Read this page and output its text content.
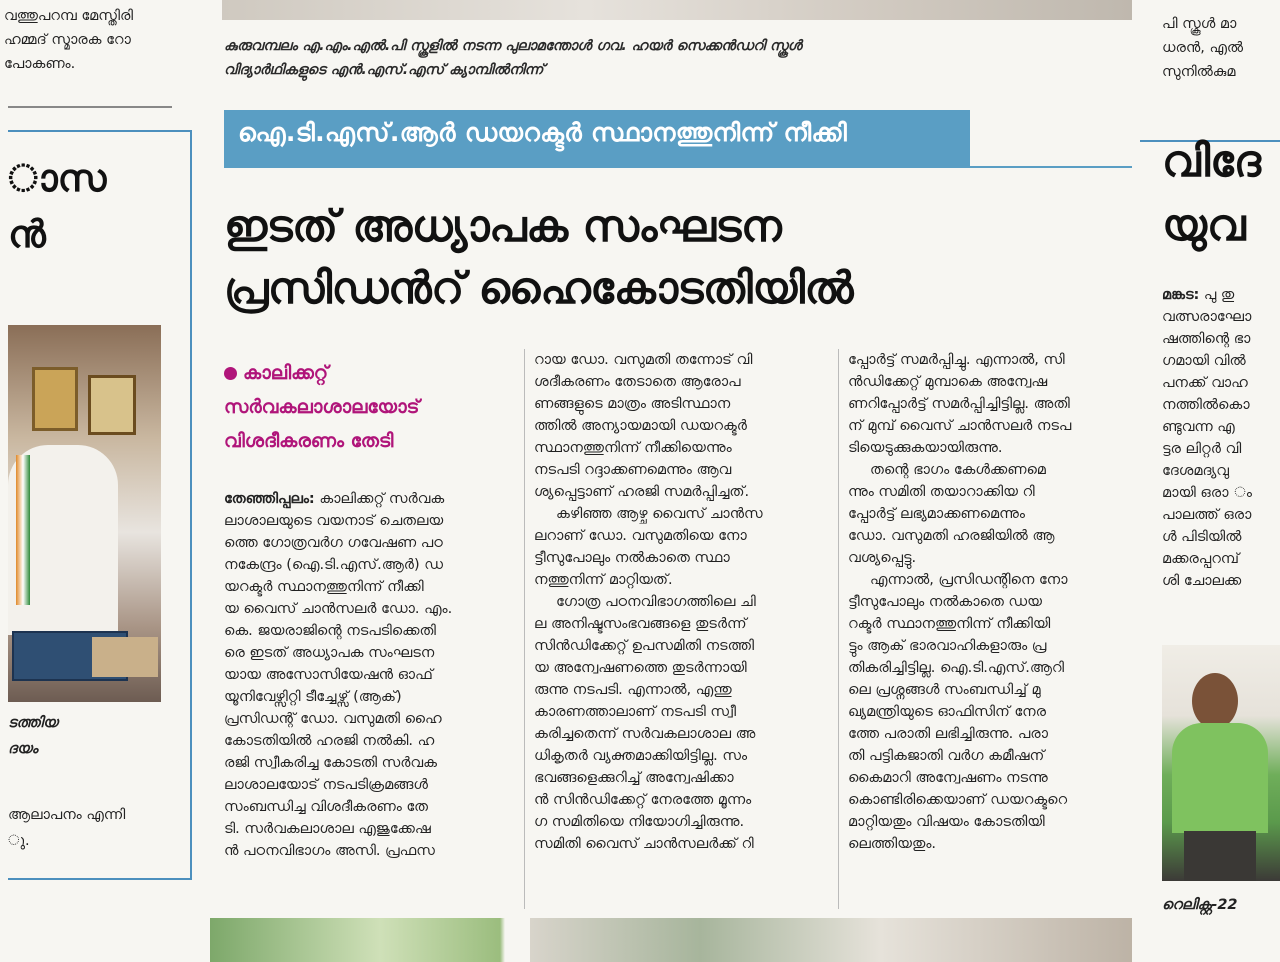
കുരുവമ്പലം എ.എം.എൽ.പി സ്കൂളിൽ നടന്ന പുലാമന്തോൾ ഗവ. ഹയർ സെക്കൻഡറി സ്കൂൾ
വിദ്യാർഥികളുടെ എൻ.എസ്.എസ് ക്യാമ്പിൽനിന്ന്
വത്തുപറമ്പ മേസ്തിരി
ഹമ്മദ് സ്മാരക റോ
പോകണം.
ാസ
ൻ
ടത്തിയ
ദയം
ആലാപനം എന്നി
ു.
ഐ.ടി.എസ്.ആർ ഡയറക്ടർ സ്ഥാനത്തുനിന്ന് നീക്കി
ഇടത് അധ്യാപക സംഘടന
പ്രസിഡൻറ് ഹൈകോടതിയിൽ
കാലിക്കറ്റ്
സർവകലാശാലയോട്
വിശദീകരണം തേടി

തേഞ്ഞിപ്പലം: കാലിക്കറ്റ് സർവക

ലാശാലയുടെ വയനാട് ചെതലയ

ത്തെ ഗോത്രവർഗ ഗവേഷണ പഠ

നകേന്ദ്രം (ഐ.ടി.എസ്.ആർ) ഡ

യറക്ടർ സ്ഥാനത്തുനിന്ന് നീക്കി

യ വൈസ് ചാൻസലർ ഡോ. എം.

കെ. ജയരാജിന്റെ നടപടിക്കെതി

രെ ഇടത് അധ്യാപക സംഘടന

യായ അസോസിയേഷൻ ഓഫ്

യൂനിവേഴ്സിറ്റി ടീച്ചേഴ്സ് (ആക്)

പ്രസിഡന്റ് ഡോ. വസുമതി ഹൈ

കോടതിയിൽ ഹരജി നൽകി. ഹ

രജി സ്വീകരിച്ച കോടതി സർവക

ലാശാലയോട് നടപടിക്രമങ്ങൾ

സംബന്ധിച്ച വിശദീകരണം തേ

ടി. സർവകലാശാല എജുക്കേഷ

ൻ പഠനവിഭാഗം അസി. പ്രഫസ

റായ ഡോ. വസുമതി തന്നോട് വി

ശദീകരണം തേടാതെ ആരോപ

ണങ്ങളുടെ മാത്രം അടിസ്ഥാന

ത്തിൽ അന്യായമായി ഡയറക്ടർ

സ്ഥാനത്തുനിന്ന് നീക്കിയെന്നും

നടപടി റദ്ദാക്കണമെന്നും ആവ

ശ്യപ്പെട്ടാണ് ഹരജി സമർപ്പിച്ചത്.

കഴിഞ്ഞ ആഴ്ച വൈസ് ചാൻസ

ലറാണ് ഡോ. വസുമതിയെ നോ

ട്ടീസുപോലും നൽകാതെ സ്ഥാ

നത്തുനിന്ന് മാറ്റിയത്.

ഗോത്ര പഠനവിഭാഗത്തിലെ ചി

ല അനിഷ്ടസംഭവങ്ങളെ തുടർന്ന്

സിൻഡിക്കേറ്റ് ഉപസമിതി നടത്തി

യ അന്വേഷണത്തെ തുടർന്നായി

രുന്നു നടപടി. എന്നാൽ, എന്തു

കാരണത്താലാണ് നടപടി സ്വീ

കരിച്ചതെന്ന് സർവകലാശാല അ

ധികൃതർ വ്യക്തമാക്കിയിട്ടില്ല. സം

ഭവങ്ങളെക്കുറിച്ച് അന്വേഷിക്കാ

ൻ സിൻഡിക്കേറ്റ് നേരത്തേ മൂന്നം

ഗ സമിതിയെ നിയോഗിച്ചിരുന്നു.

സമിതി വൈസ് ചാൻസലർക്ക് റി

പ്പോർട്ട് സമർപ്പിച്ചു. എന്നാൽ, സി

ൻഡിക്കേറ്റ് മുമ്പാകെ അന്വേഷ

ണറിപ്പോർട്ട് സമർപ്പിച്ചിട്ടില്ല. അതി

ന് മുമ്പ് വൈസ് ചാൻസലർ നടപ

ടിയെടുക്കുകയായിരുന്നു.

തന്റെ ഭാഗം കേൾക്കണമെ

ന്നും സമിതി തയാറാക്കിയ റി

പ്പോർട്ട് ലഭ്യമാക്കണമെന്നും

ഡോ. വസുമതി ഹരജിയിൽ ആ

വശ്യപ്പെട്ടു.

എന്നാൽ, പ്രസിഡന്റിനെ നോ

ട്ടീസുപോലും നൽകാതെ ഡയ

റക്ടർ സ്ഥാനത്തുനിന്ന് നീക്കിയി

ട്ടും ആക് ഭാരവാഹികളാരും പ്ര

തികരിച്ചിട്ടില്ല. ഐ.ടി.എസ്.ആറി

ലെ പ്രശ്നങ്ങൾ സംബന്ധിച്ച് മു

ഖ്യമന്ത്രിയുടെ ഓഫിസിന് നേര

ത്തേ പരാതി ലഭിച്ചിരുന്നു. പരാ

തി പട്ടികജാതി വർഗ കമീഷന്

കൈമാറി അന്വേഷണം നടന്നു

കൊണ്ടിരിക്കെയാണ് ഡയറക്ടറെ

മാറ്റിയതും വിഷയം കോടതിയി

ലെത്തിയതും.

പി സ്കൂൾ മാ
ധരൻ, എൽ
സുനിൽകുമ
വിദേ
യുവ
മങ്കട: പു തു
വത്സരാഘോ
ഷത്തിന്റെ ഭാ
ഗമായി വിൽ
പനക്ക് വാഹ
നത്തിൽകൊ
ണ്ടുവന്ന എ
ട്ടര ലിറ്റർ വി
ദേശമദ്യവു
മായി ഒരാ ം
പാലത്ത് ഒരാ
ൾ പിടിയിൽ
മക്കരപ്പറമ്പ്
ശി ചോലക്ക
റെലിക്റ്റ-22
